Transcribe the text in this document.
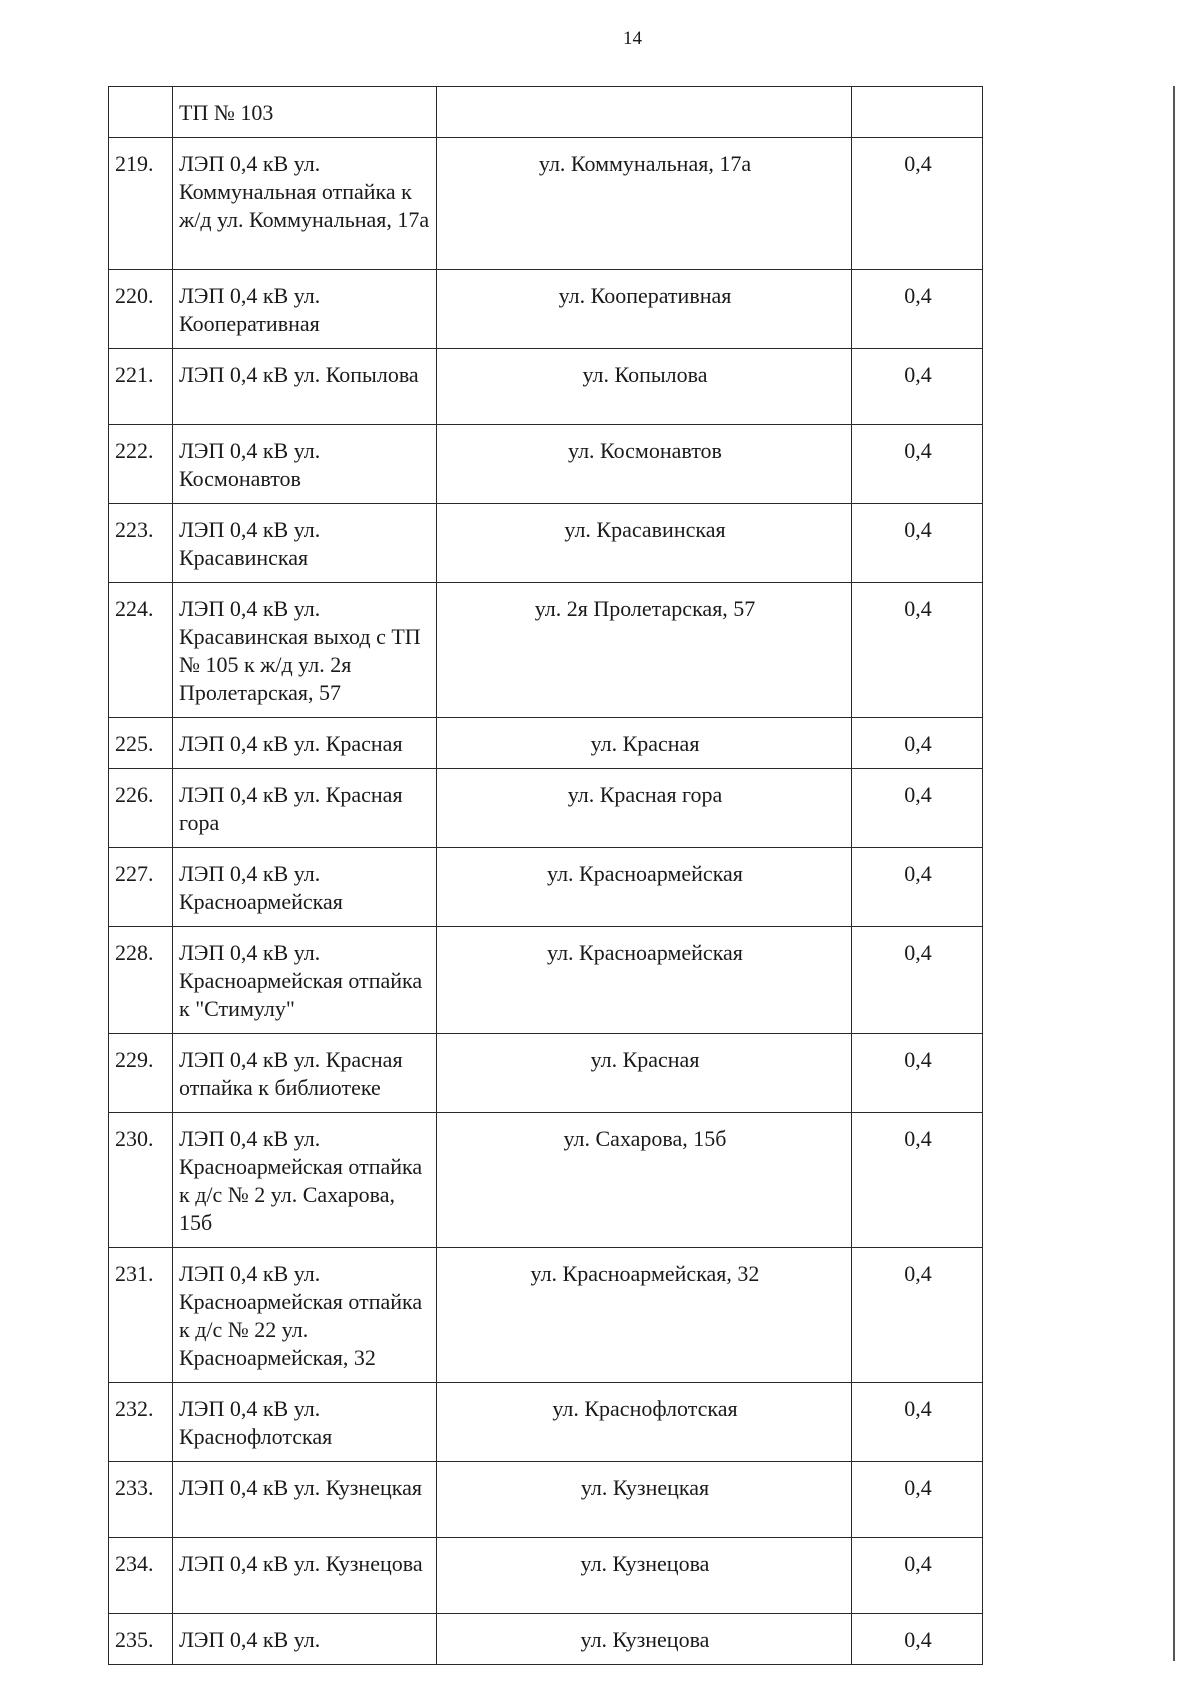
14
	ТП № 103		
219.	ЛЭП 0,4 кВ ул. Коммунальная отпайка к ж/д ул. Коммунальная, 17а	ул. Коммунальная, 17а	0,4
220.	ЛЭП 0,4 кВ ул. Кооперативная	ул. Кооперативная	0,4
221.	ЛЭП 0,4 кВ ул. Копылова	ул. Копылова	0,4
222.	ЛЭП 0,4 кВ ул. Космонавтов	ул. Космонавтов	0,4
223.	ЛЭП 0,4 кВ ул. Красавинская	ул. Красавинская	0,4
224.	ЛЭП 0,4 кВ ул. Красавинская выход с ТП № 105 к ж/д ул. 2я Пролетарская, 57	ул. 2я Пролетарская, 57	0,4
225.	ЛЭП 0,4 кВ ул. Красная	ул. Красная	0,4
226.	ЛЭП 0,4 кВ ул. Красная гора	ул. Красная гора	0,4
227.	ЛЭП 0,4 кВ ул. Красноармейская	ул. Красноармейская	0,4
228.	ЛЭП 0,4 кВ ул. Красноармейская отпайка к "Стимулу"	ул. Красноармейская	0,4
229.	ЛЭП 0,4 кВ ул. Красная отпайка к библиотеке	ул. Красная	0,4
230.	ЛЭП 0,4 кВ ул. Красноармейская отпайка к д/с № 2 ул. Сахарова, 15б	ул. Сахарова, 15б	0,4
231.	ЛЭП 0,4 кВ ул. Красноармейская отпайка к д/с № 22 ул. Красноармейская, 32	ул. Красноармейская, 32	0,4
232.	ЛЭП 0,4 кВ ул. Краснофлотская	ул. Краснофлотская	0,4
233.	ЛЭП 0,4 кВ ул. Кузнецкая	ул. Кузнецкая	0,4
234.	ЛЭП 0,4 кВ ул. Кузнецова	ул. Кузнецова	0,4
235.	ЛЭП 0,4 кВ ул.	ул. Кузнецова	0,4
